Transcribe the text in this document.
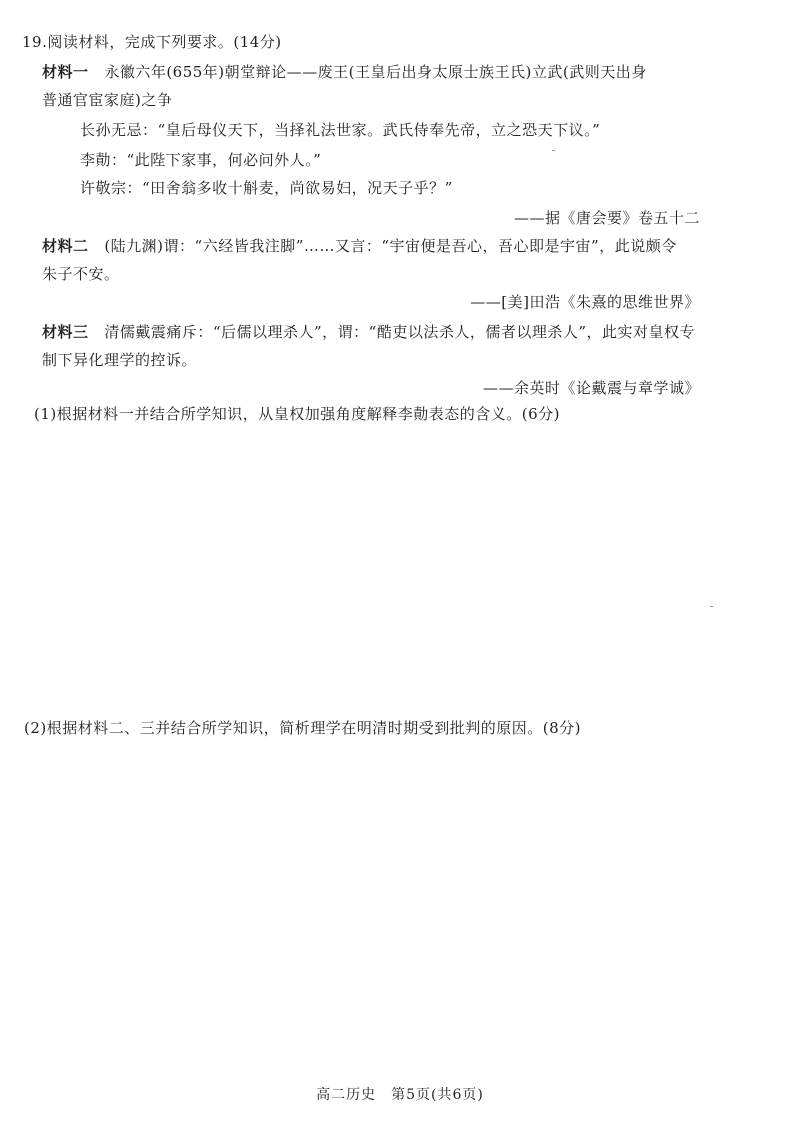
19.阅读材料，完成下列要求。(14分)
材料一 永徽六年(655年)朝堂辩论——废王(王皇后出身太原士族王氏)立武(武则天出身
普通官宦家庭)之争
长孙无忌：“皇后母仪天下，当择礼法世家。武氏侍奉先帝，立之恐天下议。”
李勣：“此陛下家事，何必问外人。”
许敬宗：“田舍翁多收十斛麦，尚欲易妇，况天子乎？”
——据《唐会要》卷五十二
材料二 (陆九渊)谓：“六经皆我注脚”……又言：“宇宙便是吾心，吾心即是宇宙”，此说颇令
朱子不安。
——[美]田浩《朱熹的思维世界》
材料三 清儒戴震痛斥：“后儒以理杀人”，谓：“酷吏以法杀人，儒者以理杀人”，此实对皇权专
制下异化理学的控诉。
——余英时《论戴震与章学诚》
(1)根据材料一并结合所学知识，从皇权加强角度解释李勣表态的含义。(6分)
(2)根据材料二、三并结合所学知识，简析理学在明清时期受到批判的原因。(8分)
高二历史　第5页(共6页)
